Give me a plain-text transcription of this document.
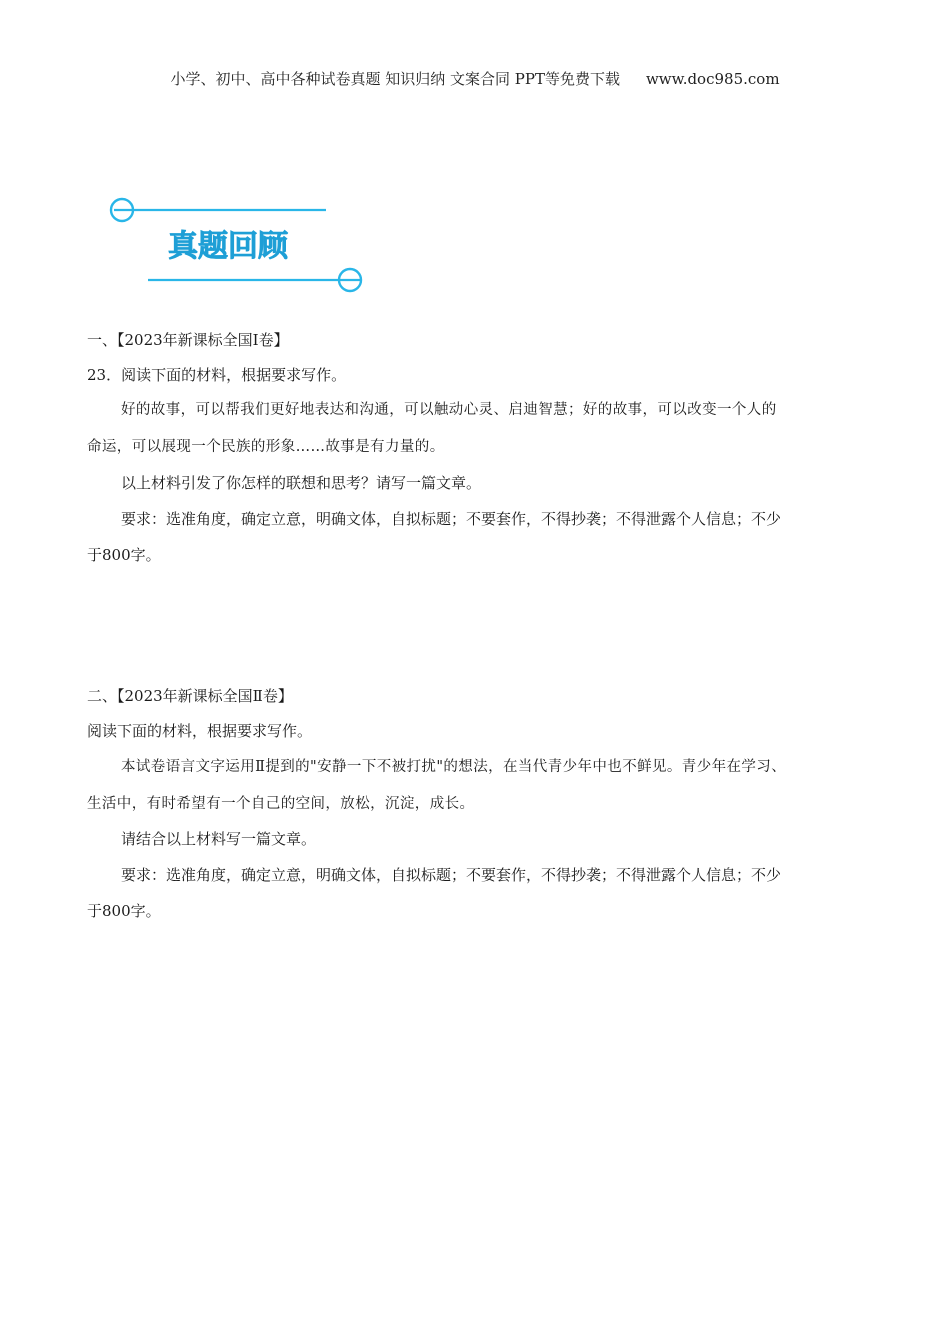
小学、初中、高中各种试卷真题 知识归纳 文案合同 PPT等免费下载 www.doc985.com
真题回顾
一、【2023年新课标全国Ⅰ卷】
23．阅读下面的材料，根据要求写作。
好的故事，可以帮我们更好地表达和沟通，可以触动心灵、启迪智慧；好的故事，可以改变一个人的
命运，可以展现一个民族的形象……故事是有力量的。
以上材料引发了你怎样的联想和思考？请写一篇文章。
要求：选准角度，确定立意，明确文体，自拟标题；不要套作，不得抄袭；不得泄露个人信息；不少
于800字。
二、【2023年新课标全国Ⅱ卷】
阅读下面的材料，根据要求写作。
本试卷语言文字运用Ⅱ提到的"安静一下不被打扰"的想法，在当代青少年中也不鲜见。青少年在学习、
生活中，有时希望有一个自己的空间，放松，沉淀，成长。
请结合以上材料写一篇文章。
要求：选准角度，确定立意，明确文体，自拟标题；不要套作，不得抄袭；不得泄露个人信息；不少
于800字。
